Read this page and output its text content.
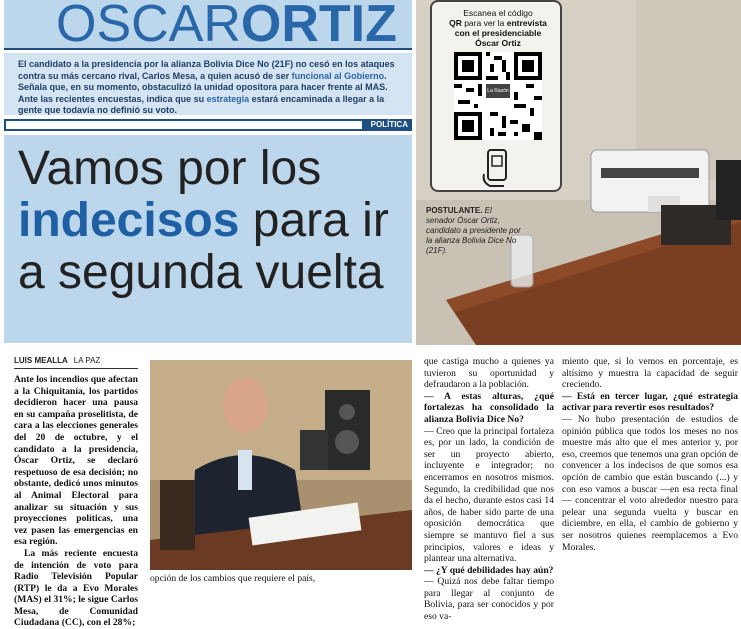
Escanea el código
QR para ver la entrevista
con el presidenciable
Óscar Ortiz
La Razón
POSTULANTE. El senador Óscar Ortiz, candidato a presidente por la alianza Bolivia Dice No (21F).
OSCARORTIZ

El candidato a la presidencia por la alianza Bolivia Dice No (21F) no cesó en los ataques contra su más cercano rival, Carlos Mesa, a quien acusó de ser funcional al Gobierno. Señala que, en su momento, obstaculizó la unidad opositora para hacer frente al MAS. Ante las recientes encuestas, indica que su estrategia estará encaminada a llegar a la gente que todavía no definió su voto.

POLÍTICA
Vamos por los
indecisos para ir
a segunda vuelta
LUIS MEALLA LA PAZ

Ante los incendios que afectan a la Chiquitanía, los partidos decidieron hacer una pausa en su campaña proselitista, de cara a las elecciones generales del 20 de octubre, y el candidato a la presidencia, Óscar Ortiz, se declaró respetuoso de esa decisión; no obstante, dedicó unos minutos al Animal Electoral para analizar su situación y sus proyecciones políticas, una vez pasen las emergencias en esa región.

La más reciente encuesta de intención de voto para Radio Televisión Popular (RTP) le da a Evo Morales (MAS) el 31%; le sigue Carlos Mesa, de Comunidad Ciudadana (CC), con el 28%;

opción de los cambios que requiere el país,

que castiga mucho a quienes ya tuvieron su oportunidad y defraudaron a la población.

— A estas alturas, ¿qué fortalezas ha consolidado la alianza Bolivia Dice No?

— Creo que la principal fortaleza es, por un lado, la condición de ser un proyecto abierto, incluyente e integrador; no encerramos en nosotros mismos. Segundo, la credibilidad que nos da el hecho, durante estos casi 14 años, de haber sido parte de una oposición democrática que siempre se mantuvo fiel a sus principios, valores e ideas y plantear una alternativa.

— ¿Y qué debilidades hay aún?

— Quizá nos debe faltar tiempo para llegar al conjunto de Bolivia, para ser conocidos y por eso va-

miento que, si lo vemos en porcentaje, es altísimo y muestra la capacidad de seguir creciendo.

— Está en tercer lugar, ¿qué estrategia activar para revertir esos resultados?

— No hubo presentación de estudios de opinión pública que todos los meses no nos muestre más alto que el mes anterior y, por eso, creemos que tenemos una gran opción de convencer a los indecisos de que somos esa opción de cambio que están buscando (...) y con eso vamos a buscar —en esa recta final— concentrar el voto alrededor nuestro para pelear una segunda vuelta y buscar en diciembre, en ella, el cambio de gobierno y ser nosotros quienes reemplacemos a Evo Morales.
